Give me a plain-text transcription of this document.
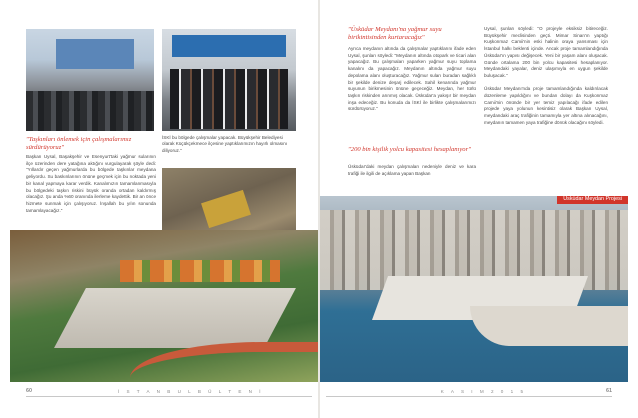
"Taşkınları önlemek için çalışmalarımız sürdürüyoruz"
Başkan Uysal, Başakşehir ve Esenyurt'taki yağmur sularının ilçe üzerinden dere yatağına aktığını vurgulayarak şöyle dedi: "Yıllardır geçen yağmurlarda bu bölgede taşkınlar meydana geliyordu. Su baskınlarının önüne geçmek için bu noktada yeni bir kanal yapmaya karar verdik. Kanalımızın tamamlanmasıyla bu bölgedeki taşkın riskini büyük oranda ortadan kaldırmış olacağız. Şu anda %60 oranında ilerleme kaydettik. Bir an önce hizmete sunmak için çalışıyoruz. İnşallah bu yılın sonunda tamamlayacağız."
İSKİ bu bölgede çalışmalar yapacak. Büyükşehir Belediyesi olarak Küçükçekmece ilçesine yaptıklarımızın hayırlı olmasını diliyoruz."
"Üsküdar Meydanı'na yağmur suyu birikintisinden kurtaracağız"
Ayrıca meydanın altında da çalışmalar yaptıklarını ifade eden Uysal, şunları söyledi: "Meydanın altında otopark ve ticari alan yapacağız. Bu çalışmaları yaparken yağmur suyu toplama kanalını da yapacağız. Meydanın altında yağmur suyu depolama alanı oluşturacağız. Yağmur suları buradan sağlıklı bir şekilde denize deşarj edilecek. Sahil kenarında yağmur suyunun birikmesinin önüne geçeceğiz. Meydan, her türlü taşkın riskinden arınmış olacak. Üsküdar'a yakışır bir meydan inşa edeceğiz. Bu konuda da İSKİ ile birlikte çalışmalarımızı sürdürüyoruz."
"200 bin kişilik yolcu kapasitesi hesaplanıyor"
Üsküdar'daki meydan çalışmaları nedeniyle deniz ve kara trafiği ile ilgili de açıklama yapan Başkan
Uysal, şunları söyledi: "O projeyle eksiksiz bitireceğiz. Büyükşehir meclisinden geçti. Mimar Sinan'ın yaptığı Kuşkonmaz Camii'nin eski halinin oraya yansıması için İstanbul halkı beklenti içinde. Ancak proje tamamlandığında Üsküdar'ın yapısı değişecek. Yeni bir yaşam alanı oluşacak. Günde ortalama 200 bin yolcu kapasitesi hesaplanıyor. Meydandaki yayalar, deniz ulaşımıyla en uygun şekilde buluşacak."

Üsküdar Meydanı'nda proje tamamlandığında kaldırılacak düzenleme yapıldığını ve bundan dolayı da Kuşkonmaz Camii'nin önünde bir yer temiz yapılacağı ifade edilen projede yaya yolunun kesintisiz olarak Başkan Uysal, meydandaki araç trafiğinin tamamıyla yer altına alınacağını, meydanın tamamen yaya trafiğine dönük olacağını söyledi.
Üsküdar Meydan Projesi
60	İ S T A N B U L B Ü L T E N İ	K A S I M 2 0 1 5	61
